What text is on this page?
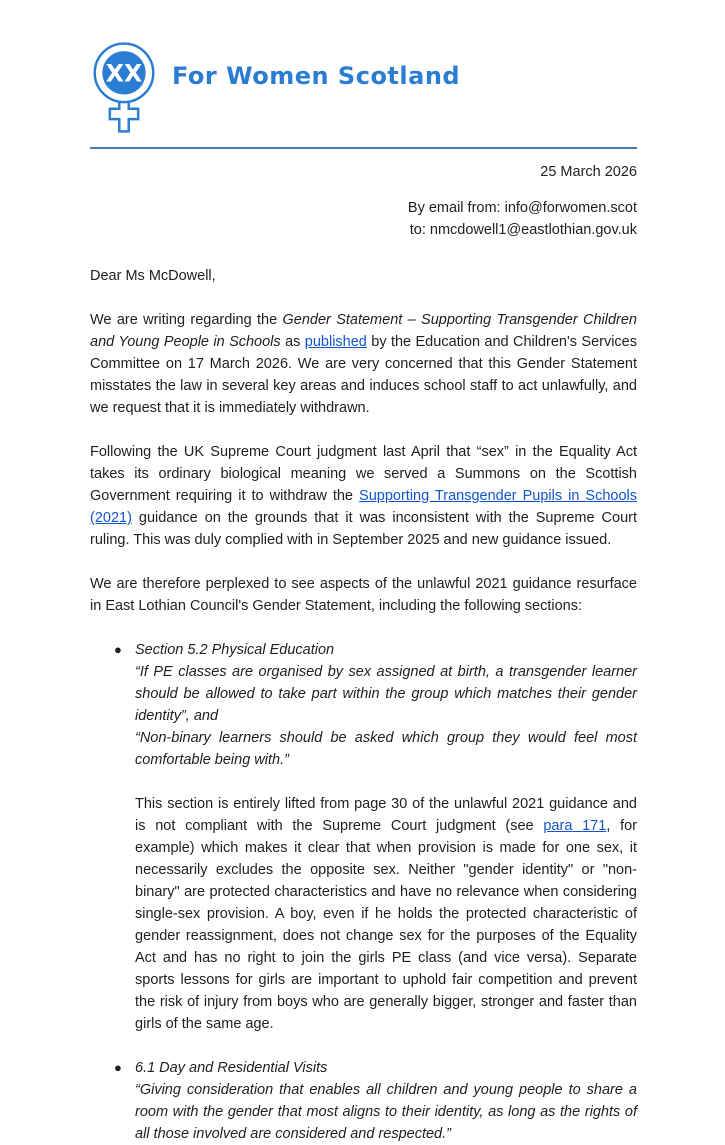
XX For Women Scotland
25 March 2026
By email from: info@forwomen.scot
to: nmcdowell1@eastlothian.gov.uk
Dear Ms McDowell,

We are writing regarding the Gender Statement – Supporting Transgender Children and Young People in Schools as published by the Education and Children's Services Committee on 17 March 2026. We are very concerned that this Gender Statement misstates the law in several key areas and induces school staff to act unlawfully, and we request that it is immediately withdrawn.

Following the UK Supreme Court judgment last April that “sex” in the Equality Act takes its ordinary biological meaning we served a Summons on the Scottish Government requiring it to withdraw the Supporting Transgender Pupils in Schools (2021) guidance on the grounds that it was inconsistent with the Supreme Court ruling. This was duly complied with in September 2025 and new guidance issued.

We are therefore perplexed to see aspects of the unlawful 2021 guidance resurface in East Lothian Council's Gender Statement, including the following sections:

● Section 5.2 Physical Education
“If PE classes are organised by sex assigned at birth, a transgender learner should be allowed to take part within the group which matches their gender identity”, and
“Non-binary learners should be asked which group they would feel most comfortable being with.”

This section is entirely lifted from page 30 of the unlawful 2021 guidance and is not compliant with the Supreme Court judgment (see para 171, for example) which makes it clear that when provision is made for one sex, it necessarily excludes the opposite sex. Neither "gender identity" or "non-binary" are protected characteristics and have no relevance when considering single-sex provision. A boy, even if he holds the protected characteristic of gender reassignment, does not change sex for the purposes of the Equality Act and has no right to join the girls PE class (and vice versa). Separate sports lessons for girls are important to uphold fair competition and prevent the risk of injury from boys who are generally bigger, stronger and faster than girls of the same age.

● 6.1 Day and Residential Visits
“Giving consideration that enables all children and young people to share a room with the gender that most aligns to their identity, as long as the rights of all those involved are considered and respected.”
